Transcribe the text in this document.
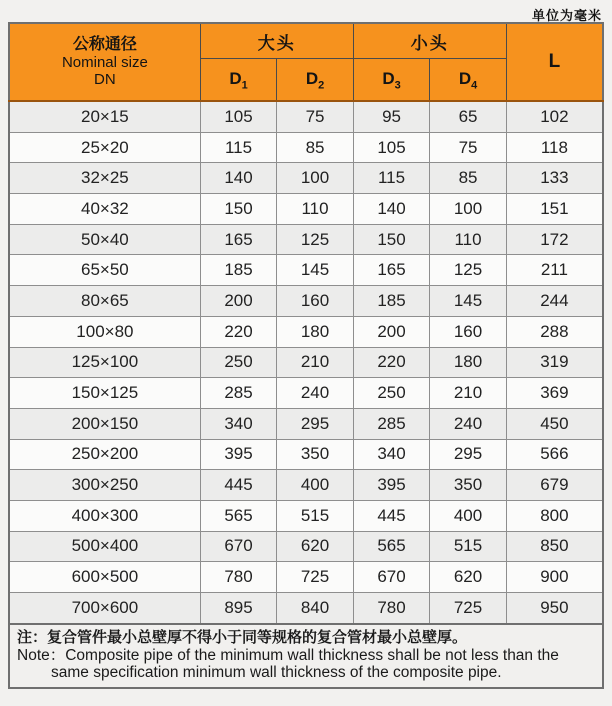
单位为毫米
公称通径
Nominal size
DN	大头		小头		L
	$D_1$	$D_2$	$D_3$	$D_4$
20×15	105	75	95	65	102
25×20	115	85	105	75	118
32×25	140	100	115	85	133
40×32	150	110	140	100	151
50×40	165	125	150	110	172
65×50	185	145	165	125	211
80×65	200	160	185	145	244
100×80	220	180	200	160	288
125×100	250	210	220	180	319
150×125	285	240	250	210	369
200×150	340	295	285	240	450
250×200	395	350	340	295	566
300×250	445	400	395	350	679
400×300	565	515	445	400	800
500×400	670	620	565	515	850
600×500	780	725	670	620	900
700×600	895	840	780	725	950
注：复合管件最小总壁厚不得小于同等规格的复合管材最小总壁厚。
Note：Composite pipe of the minimum wall thickness shall be not less than the
same specification minimum wall thickness of the composite pipe.
